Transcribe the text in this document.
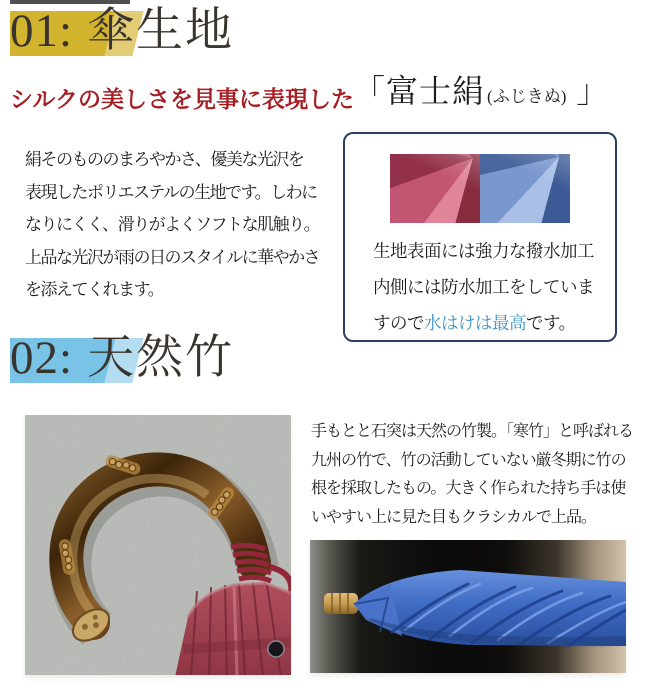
01: 傘生地
シルクの美しさを見事に表現した 「 富士絹 (ふじきぬ) 」
絹そのもののまろやかさ、優美な光沢を
表現したポリエステルの生地です。しわに
なりにくく、滑りがよくソフトな肌触り。
上品な光沢が雨の日のスタイルに華やかさ
を添えてくれます。
生地表面には強力な撥水加工
内側には防水加工をしていま
すので水はけは最高です。
02: 天然竹
手もとと石突は天然の竹製。「寒竹」と呼ばれる
九州の竹で、竹の活動していない厳冬期に竹の
根を採取したもの。大きく作られた持ち手は使
いやすい上に見た目もクラシカルで上品。
